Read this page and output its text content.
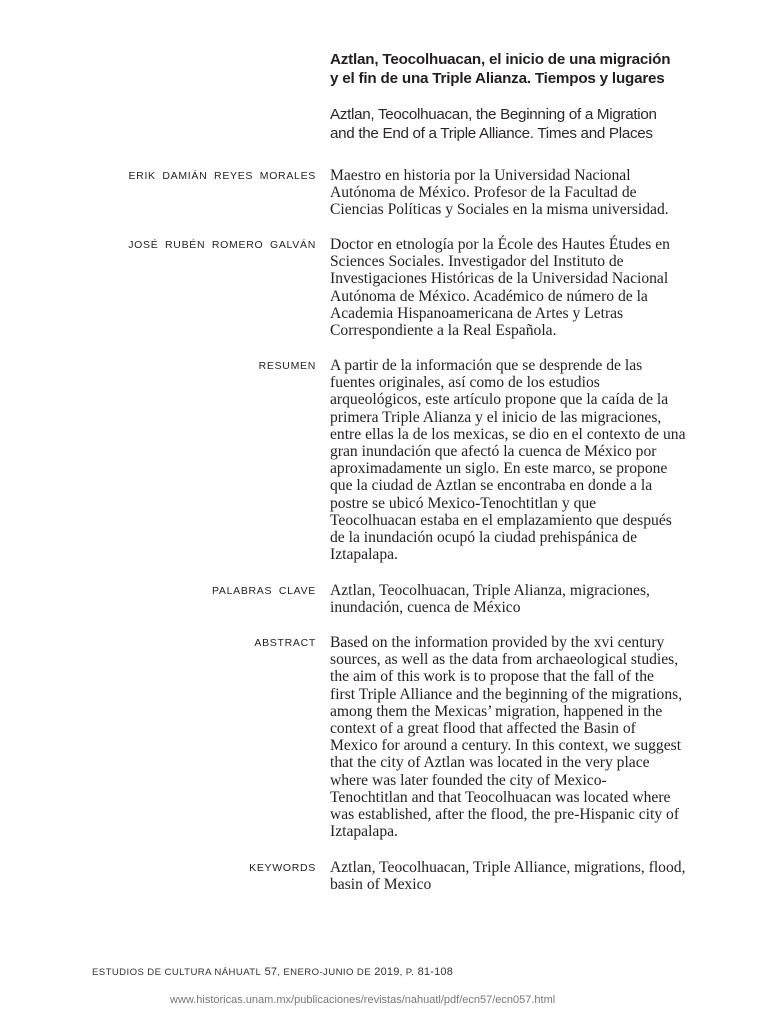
Aztlan, Teocolhuacan, el inicio de una migración
y el fin de una Triple Alianza. Tiempos y lugares

Aztlan, Teocolhuacan, the Beginning of a Migration
and the End of a Triple Alliance. Times and Places

ERIK DAMIÁN REYES MORALES Maestro en historia por la Universidad Nacional
Autónoma de México. Profesor de la Facultad de
Ciencias Políticas y Sociales en la misma universidad.

JOSÉ RUBÉN ROMERO GALVÁN Doctor en etnología por la École des Hautes Études en
Sciences Sociales. Investigador del Instituto de
Investigaciones Históricas de la Universidad Nacional
Autónoma de México. Académico de número de la
Academia Hispanoamericana de Artes y Letras
Correspondiente a la Real Española.

RESUMEN A partir de la información que se desprende de las
fuentes originales, así como de los estudios
arqueológicos, este artículo propone que la caída de la
primera Triple Alianza y el inicio de las migraciones,
entre ellas la de los mexicas, se dio en el contexto de una
gran inundación que afectó la cuenca de México por
aproximadamente un siglo. En este marco, se propone
que la ciudad de Aztlan se encontraba en donde a la
postre se ubicó Mexico-Tenochtitlan y que
Teocolhuacan estaba en el emplazamiento que después
de la inundación ocupó la ciudad prehispánica de
Iztapalapa.

PALABRAS CLAVE Aztlan, Teocolhuacan, Triple Alianza, migraciones,
inundación, cuenca de México

ABSTRACT Based on the information provided by the xvi century
sources, as well as the data from archaeological studies,
the aim of this work is to propose that the fall of the
first Triple Alliance and the beginning of the migrations,
among them the Mexicas’ migration, happened in the
context of a great flood that affected the Basin of
Mexico for around a century. In this context, we suggest
that the city of Aztlan was located in the very place
where was later founded the city of Mexico-
Tenochtitlan and that Teocolhuacan was located where
was established, after the flood, the pre-Hispanic city of
Iztapalapa.

KEYWORDS Aztlan, Teocolhuacan, Triple Alliance, migrations, flood,
basin of Mexico

ESTUDIOS DE CULTURA NÁHUATL 57, ENERO-JUNIO DE 2019, P. 81-108
www.historicas.unam.mx/publicaciones/revistas/nahuatl/pdf/ecn57/ecn057.html
